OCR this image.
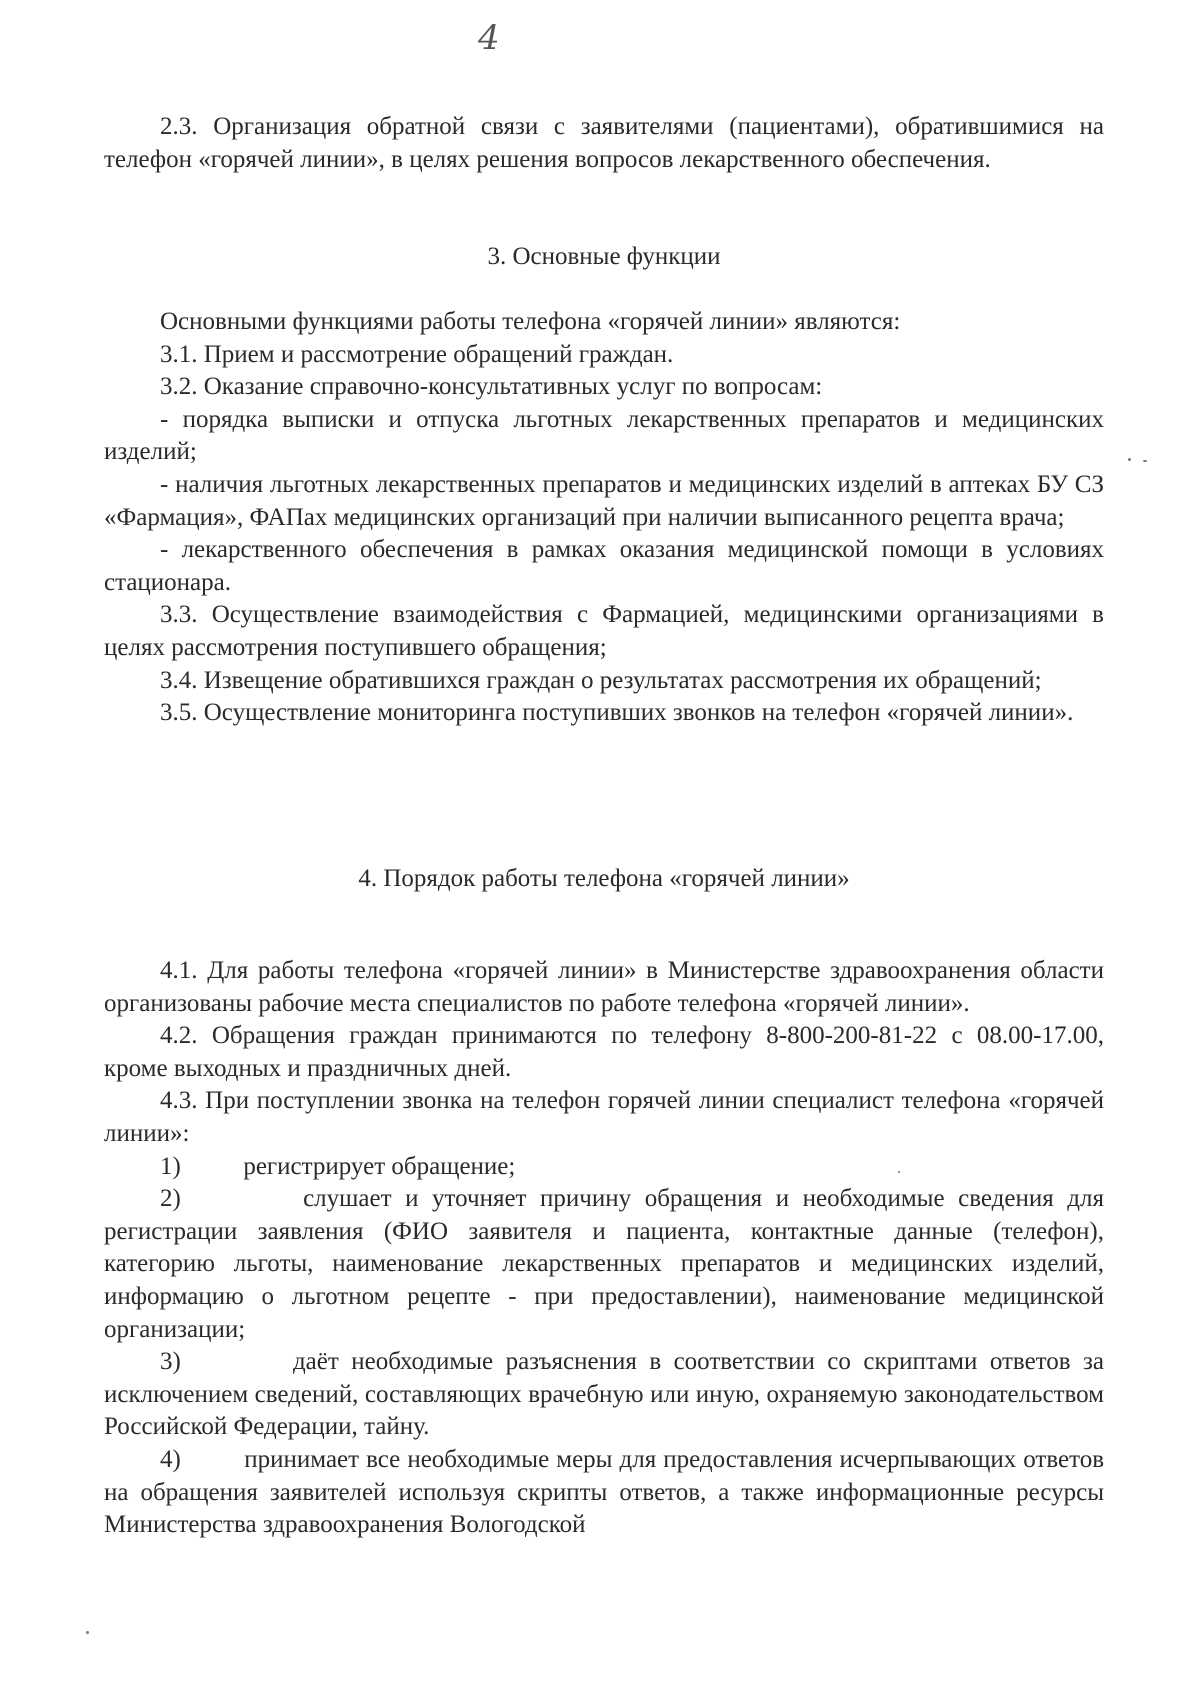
4

2.3. Организация обратной связи с заявителями (пациентами), обратившимися на телефон «горячей линии», в целях решения вопросов лекарственного обеспечения.

3. Основные функции

Основными функциями работы телефона «горячей линии» являются:

3.1. Прием и рассмотрение обращений граждан.

3.2. Оказание справочно-консультативных услуг по вопросам:

- порядка выписки и отпуска льготных лекарственных препаратов и медицинских изделий;

- наличия льготных лекарственных препаратов и медицинских изделий в аптеках БУ СЗ «Фармация», ФАПах медицинских организаций при наличии выписанного рецепта врача;

- лекарственного обеспечения в рамках оказания медицинской помощи в условиях стационара.

3.3. Осуществление взаимодействия с Фармацией, медицинскими организациями в целях рассмотрения поступившего обращения;

3.4. Извещение обратившихся граждан о результатах рассмотрения их обращений;

3.5. Осуществление мониторинга поступивших звонков на телефон «горячей линии».

4. Порядок работы телефона «горячей линии»

4.1. Для работы телефона «горячей линии» в Министерстве здравоохранения области организованы рабочие места специалистов по работе телефона «горячей линии».

4.2. Обращения граждан принимаются по телефону 8-800-200-81-22 с 08.00-17.00, кроме выходных и праздничных дней.

4.3. При поступлении звонка на телефон горячей линии специалист телефона «горячей линии»:

1)	регистрирует обращение;

2)	слушает и уточняет причину обращения и необходимые сведения для регистрации заявления (ФИО заявителя и пациента, контактные данные (телефон), категорию льготы, наименование лекарственных препаратов и медицинских изделий, информацию о льготном рецепте - при предоставлении), наименование медицинской организации;

3)	даёт необходимые разъяснения в соответствии со скриптами ответов за исключением сведений, составляющих врачебную или иную, охраняемую законодательством Российской Федерации, тайну.

4)	принимает все необходимые меры для предоставления исчерпывающих ответов на обращения заявителей используя скрипты ответов, а также информационные ресурсы Министерства здравоохранения Вологодской
